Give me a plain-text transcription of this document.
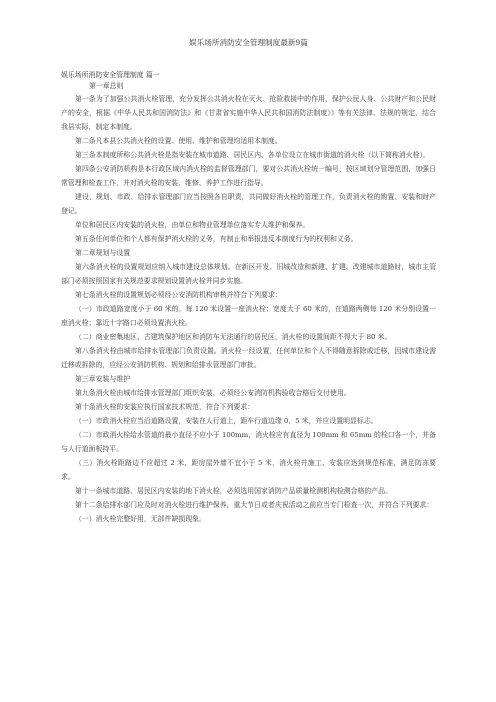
娱乐场所消防安全管理制度最新9篇
娱乐场所消防安全管理制度 篇一
第一章总则

第一条为了加强公共消火栓管理，充分发挥公共消火栓在灭火、抢险救援中的作用，保护公民人身、公共财产和公民财产的安全，根据《中华人民共和国消防法》和《甘肃省实施中华人民共和国消防法制度》》等有关法律、法规的规定，结合我县实际，制定本制度。

第二条凡本县公共消火栓的设置、使用、维护和管理均适用本制度。

第三条本制度所称公共消火栓是指安装在城市道路、居民区内、各单位设立在城市街道的消火栓（以下简称消火栓）。

第四条公安消防机构是本行政区域内消火栓的监督管理部门，要对公共消火栓统一编号，按区域划分管理范围，加强日常管理和检查工作，并对消火栓的安装、维修、养护工作进行指导。

建设、规划、市政、给排水管理部门应当按照各自职责，共同做好消火栓的管理工作，负责消火栓的购置、安装和财产登记。

单位和居民区内安装的消火栓，由单位和物业管理单位落实专人维护和保养。

第五条任何单位和个人都有保护消火栓的义务，有制止和举报违反本制度行为的权利和义务。

第二章规划与设置

第六条消火栓的设置规划应纳入城市建设总体规划。在新区开发、旧城改造和新建、扩建、改建城市道路时，城市主管部门必须按照国家有关规范要求规划设置消火栓并同步实施。

第七条消火栓的设置规划必须经公安消防机构审核并符合下列要求：

（一）市政道路宽度小于 60 米的，每 120 米设置一座消火栓；宽度大于 60 米的，在道路两侧每 120 米分别设置一座消火栓；靠近十字路口必须设置消火栓。

（二）商业密集地区、古建筑保护地区和消防车无法通行的居民区，消火栓的设置间距不得大于 80 米。

第八条消火栓由城市给排水管理部门负责设置。消火栓一经设置，任何单位和个人不得随意拆除或迁移，因城市建设需迁移或拆除的，应经公安消防机构、规划和给排水管理部门审批。

第三章安装与维护

第九条消火栓由城市给排水管理部门组织安装，必须经公安消防机构验收合格后交付使用。

第十条消火栓的安装应执行国家技术规范，符合下列要求：

（一）市政消火栓应当沿道路设置，安装在人行道上，距车行道边缘 0．5 米，并应设置明显标志。

（二）市政消火栓给水管道的最小直径不应小于 100mm，消火栓应有直径为 100mm 和 65mm 的栓口各一个，并备与人行道面板持平。

（三）消火栓距路边不应超过 2 米，距房屋外墙不宜小于 5 米，消火栓井施工、安装应达到规范标准，满足防冻要求。

第十一条城市道路、居民区内安装的地下消火栓，必须选用国家消防产品质量检测机构检测合格的产品。

第十二条给排水部门应及时对消火栓进行维护保养，重大节日或者庆祝活动之前应当专门检查一次，并符合下列要求：

（一）消火栓完整好用，无部件缺损现象。
